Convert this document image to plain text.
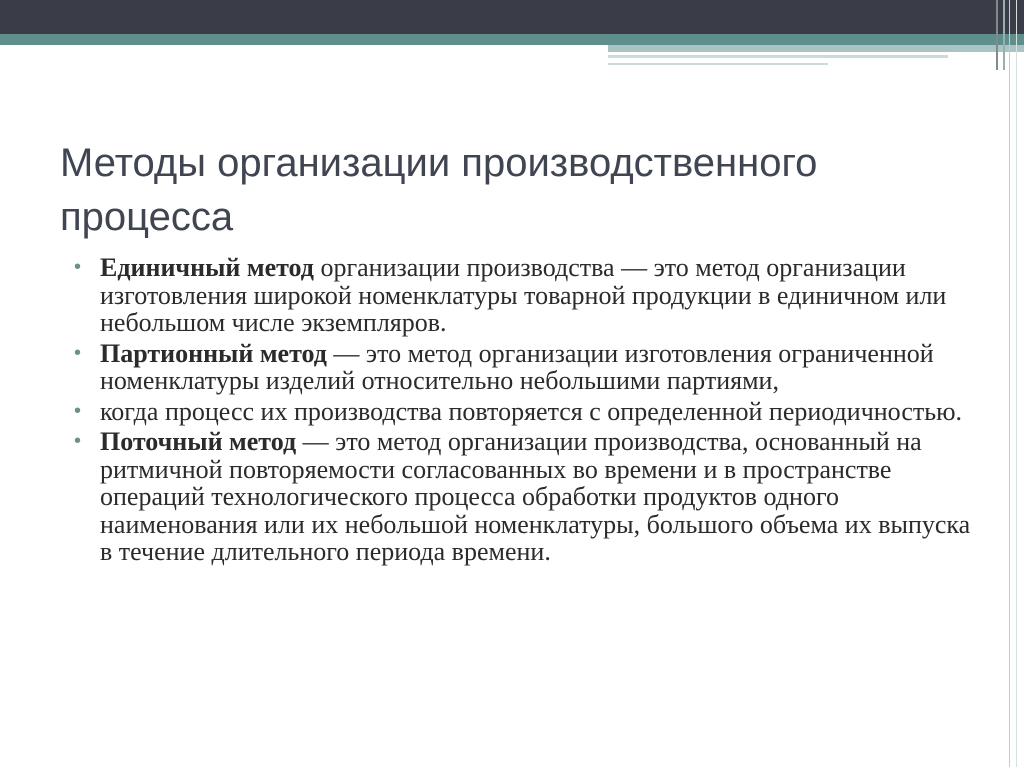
Методы организации производственного процесса
• Единичный метод организации производства — это метод организации изготовления широкой номенклатуры товарной продукции в единичном или небольшом числе экземпляров.
• Партионный метод — это метод организации изготовления ограниченной номенклатуры изделий относительно небольшими партиями,
• когда процесс их производства повторяется с определенной периодичностью.
• Поточный метод — это метод организации производства, основанный на ритмичной повторяемости согласованных во времени и в пространстве операций технологического процесса обработки продуктов одного наименования или их небольшой номенклатуры, большого объема их выпуска в течение длительного периода времени.
